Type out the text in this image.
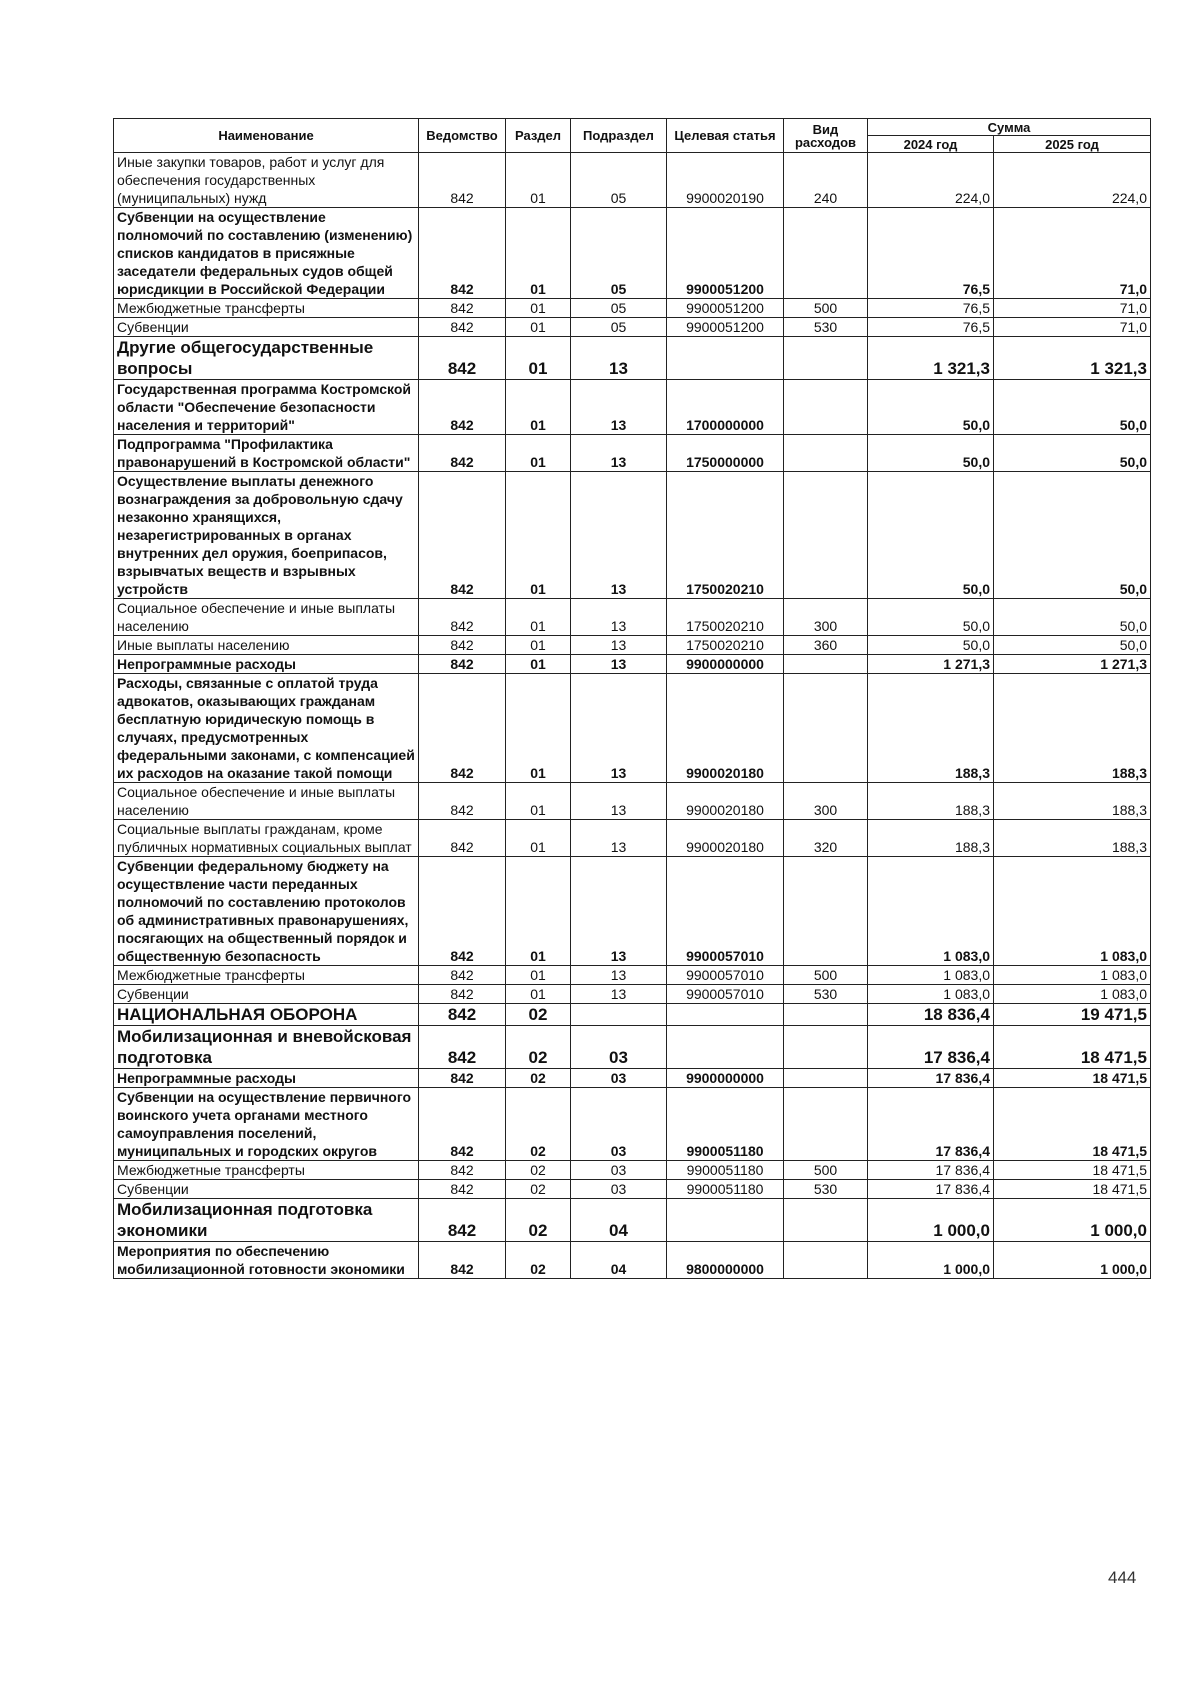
Наименование	Ведомство	Раздел	Подраздел	Целевая статья	Вид расходов	Сумма	
						2024 год	2025 год
Иные закупки товаров, работ и услуг для обеспечения государственных (муниципальных) нужд	842	01	05	9900020190	240	224,0	224,0
Субвенции на осуществление полномочий по составлению (изменению) списков кандидатов в присяжные заседатели федеральных судов общей юрисдикции в Российской Федерации	842	01	05	9900051200		76,5	71,0
Межбюджетные трансферты	842	01	05	9900051200	500	76,5	71,0
Субвенции	842	01	05	9900051200	530	76,5	71,0
Другие общегосударственные вопросы	842	01	13			1 321,3	1 321,3
Государственная программа Костромской области "Обеспечение безопасности населения и территорий"	842	01	13	1700000000		50,0	50,0
Подпрограмма "Профилактика правонарушений в Костромской области"	842	01	13	1750000000		50,0	50,0
Осуществление выплаты денежного вознаграждения за добровольную сдачу незаконно хранящихся, незарегистрированных в органах внутренних дел оружия, боеприпасов, взрывчатых веществ и взрывных устройств	842	01	13	1750020210		50,0	50,0
Социальное обеспечение и иные выплаты населению	842	01	13	1750020210	300	50,0	50,0
Иные выплаты населению	842	01	13	1750020210	360	50,0	50,0
Непрограммные расходы	842	01	13	9900000000		1 271,3	1 271,3
Расходы, связанные с оплатой труда адвокатов, оказывающих гражданам бесплатную юридическую помощь в случаях, предусмотренных федеральными законами, с компенсацией их расходов на оказание такой помощи	842	01	13	9900020180		188,3	188,3
Социальное обеспечение и иные выплаты населению	842	01	13	9900020180	300	188,3	188,3
Социальные выплаты гражданам, кроме публичных нормативных социальных выплат	842	01	13	9900020180	320	188,3	188,3
Субвенции федеральному бюджету на осуществление части переданных полномочий по составлению протоколов об административных правонарушениях, посягающих на общественный порядок и общественную безопасность	842	01	13	9900057010		1 083,0	1 083,0
Межбюджетные трансферты	842	01	13	9900057010	500	1 083,0	1 083,0
Субвенции	842	01	13	9900057010	530	1 083,0	1 083,0
НАЦИОНАЛЬНАЯ ОБОРОНА	842	02				18 836,4	19 471,5
Мобилизационная и вневойсковая подготовка	842	02	03			17 836,4	18 471,5
Непрограммные расходы	842	02	03	9900000000		17 836,4	18 471,5
Субвенции на осуществление первичного воинского учета органами местного самоуправления поселений, муниципальных и городских округов	842	02	03	9900051180		17 836,4	18 471,5
Межбюджетные трансферты	842	02	03	9900051180	500	17 836,4	18 471,5
Субвенции	842	02	03	9900051180	530	17 836,4	18 471,5
Мобилизационная подготовка экономики	842	02	04			1 000,0	1 000,0
Мероприятия по обеспечению мобилизационной готовности экономики	842	02	04	9800000000		1 000,0	1 000,0
444
